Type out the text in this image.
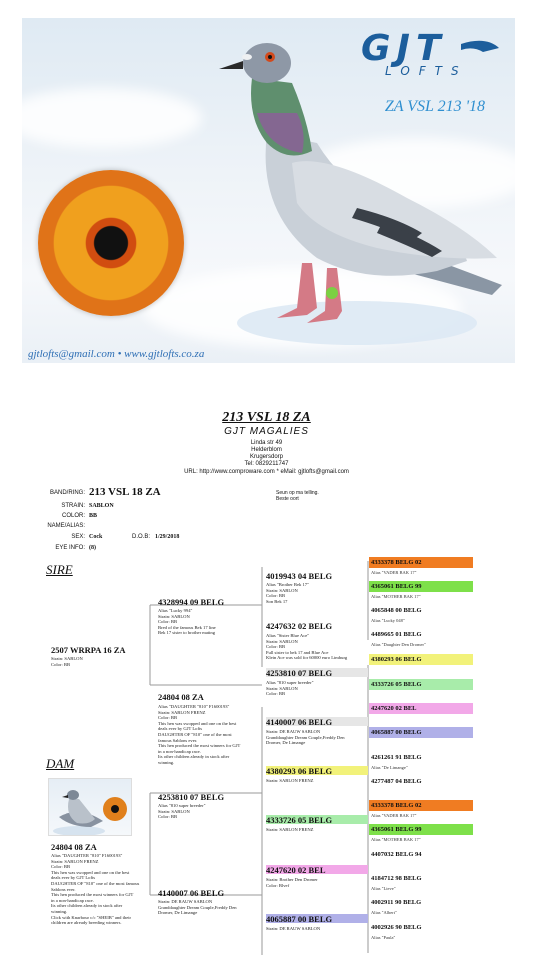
GJT
LOFTS
ZA VSL 213 '18
gjtlofts@gmail.com • www.gjtlofts.co.za
213 VSL 18 ZA
GJT MAGALIES
Linda str 49
Helderblom
Krugersdorp
Tel: 0829211747
URL: http://www.comproware.com * eMail: gjtlofts@gmail.com
BAND/RING: 213 VSL 18 ZA
STRAIN: SABLON
COLOR: BB
NAME/ALIAS:
SEX: Cock	D.O.B: 1/29/2018
EYE INFO: (8)
Seun op ma telling.
Beste oort
SIRE
DAM
2507 WRRPA 16 ZA
Strain: SABLON
Color: BB
24804 08 ZA
Alias "DAUGHTER "810" F1600193"
Strain: SABLON FRENZ
Color: BB
This hen was swopped and one on the best
deals ever by GJT Lofts
DAUGHTER OF "810" one of the most famous
Sablons ever.
This hen produced the most winners for GJT
in a non-handicap race.
Its other children already in stock after
winning.
Click with Knarbour c/c "SHEIB" and their
children are already breeding winners.
4328994 09 BELG
Alias "Lucky 994"
Strain: SABLON
Color: BB
Bred of the famous Bek 17 line
Bek 17 sister to brother mating
24804 08 ZA
Alias "DAUGHTER "810" F1600193"
Strain: SABLON FRENZ
Color: BB
This hen was swopped and one on the best
deals ever by GJT Lofts
DAUGHTER OF "810" one of the most
famous Sablons ever.
This hen produced the most winners for GJT
in a non-handicap race.
Its other children already in stock after
winning.
4253810 07 BELG
Alias "810 super breeder"
Strain: SABLON
Color: BB
4140007 06 BELG
Strain: DE RAUW SABLON
Granddaughter Dream Couple,Freddy Den
Dromer, De Limange
4019943 04 BELG
Alias "Brother Bek 17"
Strain: SABLON
Color: BB
Son Bek 17
4247632 02 BELG
Alias "Sister Blue Ace"
Strain: SABLON
Color: BB
Full sister to bek 17 and Blue Ace
Klein Ace was sold for 60000 euro Limburg
4253810 07 BELG
Alias "810 super breeder"
Strain: SABLON
Color: BB
4140007 06 BELG
Strain: DE RAUW SABLON
Granddaughter Dream Couple,Freddy Den
Dromer, De Limange
4380293 06 BELG
Strain: SABLON FRENZ
4333726 05 BELG
Strain: SABLON FRENZ
4247620 02 BEL
Strain: Brother Den Dromer
Color: Blvef
4065887 00 BELG
Strain: DE RAUW SABLON
4333378 BELG 02
Alias "VADER BAK 17"
4365061 BELG 99
Alias "MOTHER BAK 17"
4065848 00 BELG
Alias "Lucky 048"
4489665 01 BELG
Alias "Daughter Den Dromer"
4380293 06 BELG
4333726 05 BELG
4247620 02 BEL
4065887 00 BELG
4261261 91 BELG
Alias "De Limange"
4277487 04 BELG
4333378 BELG 02
Alias "VADER BAK 17"
4365061 BELG 99
Alias "MOTHER BAK 17"
4407032 BELG 94
4184712 98 BELG
Alias "Lieve"
4002911 90 BELG
Alias "Albert"
4002926 90 BELG
Alias "Paula"
